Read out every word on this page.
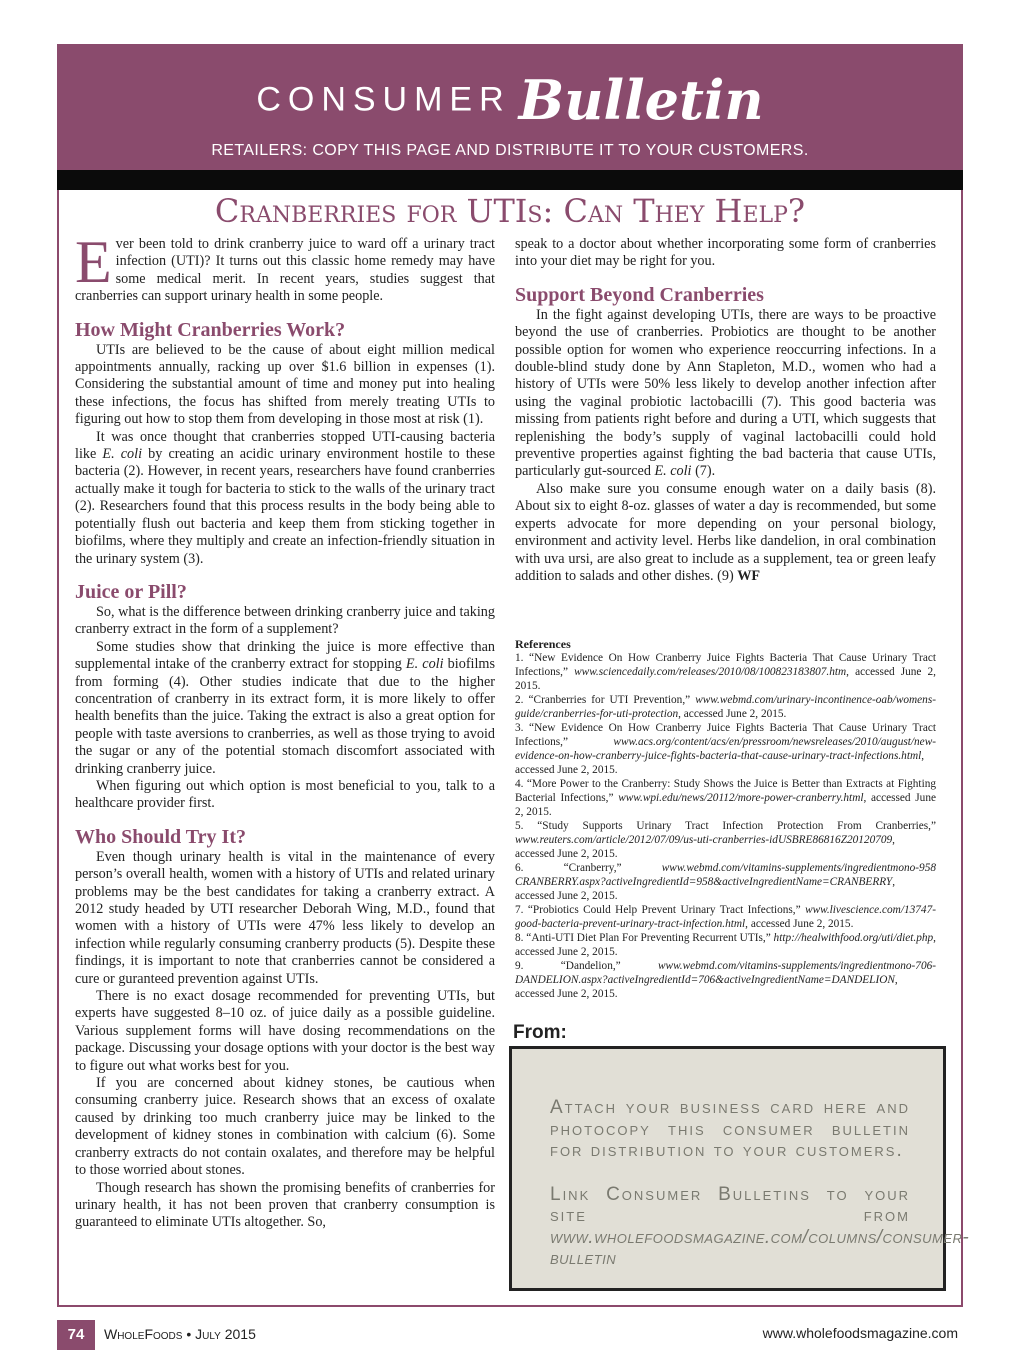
CONSUMER Bulletin
RETAILERS: COPY THIS PAGE AND DISTRIBUTE IT TO YOUR CUSTOMERS.
Cranberries for UTIs: Can They Help?

Ever been told to drink cranberry juice to ward off a urinary tract infection (UTI)? It turns out this classic home remedy may have some medical merit. In recent years, studies suggest that cranberries can support urinary health in some people.

How Might Cranberries Work?

UTIs are believed to be the cause of about eight million medical appointments annually, racking up over $1.6 billion in expenses (1). Considering the substantial amount of time and money put into healing these infections, the focus has shifted from merely treating UTIs to figuring out how to stop them from developing in those most at risk (1).

It was once thought that cranberries stopped UTI-causing bacteria like E. coli by creating an acidic urinary environment hostile to these bacteria (2). However, in recent years, researchers have found cranberries actually make it tough for bacteria to stick to the walls of the urinary tract (2). Researchers found that this process results in the body being able to potentially flush out bacteria and keep them from sticking together in biofilms, where they multiply and create an infection-friendly situation in the urinary system (3).

Juice or Pill?

So, what is the difference between drinking cranberry juice and taking cranberry extract in the form of a supplement?

Some studies show that drinking the juice is more effective than supplemental intake of the cranberry extract for stopping E. coli biofilms from forming (4). Other studies indicate that due to the higher concentration of cranberry in its extract form, it is more likely to offer health benefits than the juice. Taking the extract is also a great option for people with taste aversions to cranberries, as well as those trying to avoid the sugar or any of the potential stomach discomfort associated with drinking cranberry juice.

When figuring out which option is most beneficial to you, talk to a healthcare provider first.

Who Should Try It?

Even though urinary health is vital in the maintenance of every person’s overall health, women with a history of UTIs and related urinary problems may be the best candidates for taking a cranberry extract. A 2012 study headed by UTI researcher Deborah Wing, M.D., found that women with a history of UTIs were 47% less likely to develop an infection while regularly consuming cranberry products (5). Despite these findings, it is important to note that cranberries cannot be considered a cure or guranteed prevention against UTIs.

There is no exact dosage recommended for preventing UTIs, but experts have suggested 8–10 oz. of juice daily as a possible guideline. Various supplement forms will have dosing recommendations on the package. Discussing your dosage options with your doctor is the best way to figure out what works best for you.

If you are concerned about kidney stones, be cautious when consuming cranberry juice. Research shows that an excess of oxalate caused by drinking too much cranberry juice may be linked to the development of kidney stones in combination with calcium (6). Some cranberry extracts do not contain oxalates, and therefore may be helpful to those worried about stones.

Though research has shown the promising benefits of cranberries for urinary health, it has not been proven that cranberry consumption is guaranteed to eliminate UTIs altogether. So,

speak to a doctor about whether incorporating some form of cranberries into your diet may be right for you.

Support Beyond Cranberries

In the fight against developing UTIs, there are ways to be proactive beyond the use of cranberries. Probiotics are thought to be another possible option for women who experience reoccurring infections. In a double-blind study done by Ann Stapleton, M.D., women who had a history of UTIs were 50% less likely to develop another infection after using the vaginal probiotic lactobacilli (7). This good bacteria was missing from patients right before and during a UTI, which suggests that replenishing the body’s supply of vaginal lactobacilli could hold preventive properties against fighting the bad bacteria that cause UTIs, particularly gut-sourced E. coli (7).

Also make sure you consume enough water on a daily basis (8). About six to eight 8-oz. glasses of water a day is recommended, but some experts advocate for more depending on your personal biology, environment and activity level. Herbs like dandelion, in oral combination with uva ursi, are also great to include as a supplement, tea or green leafy addition to salads and other dishes. (9) WF

References
1. “New Evidence On How Cranberry Juice Fights Bacteria That Cause Urinary Tract Infections,” www.sciencedaily.com/releases/2010/08/100823183807.htm, accessed June 2, 2015.
2. “Cranberries for UTI Prevention,” www.webmd.com/urinary-incontinence-oab/womens-guide/cranberries-for-uti-protection, accessed June 2, 2015.
3. “New Evidence On How Cranberry Juice Fights Bacteria That Cause Urinary Tract Infections,” www.acs.org/content/acs/en/pressroom/newsreleases/2010/august/new-evidence-on-how-cranberry-juice-fights-bacteria-that-cause-urinary-tract-infections.html, accessed June 2, 2015.
4. “More Power to the Cranberry: Study Shows the Juice is Better than Extracts at Fighting Bacterial Infections,” www.wpi.edu/news/20112/more-power-cranberry.html, accessed June 2, 2015.
5. “Study Supports Urinary Tract Infection Protection From Cranberries,” www.reuters.com/article/2012/07/09/us-uti-cranberries-idUSBRE86816Z20120709, accessed June 2, 2015.
6. “Cranberry,” www.webmd.com/vitamins-supplements/ingredientmono-958 CRANBERRY.aspx?activeIngredientId=958&activeIngredientName=CRANBERRY, accessed June 2, 2015.
7. “Probiotics Could Help Prevent Urinary Tract Infections,” www.livescience.com/13747-good-bacteria-prevent-urinary-tract-infection.html, accessed June 2, 2015.
8. “Anti-UTI Diet Plan For Preventing Recurrent UTIs,” http://healwithfood.org/uti/diet.php, accessed June 2, 2015.
9. “Dandelion,” www.webmd.com/vitamins-supplements/ingredientmono-706-DANDELION.aspx?activeIngredientId=706&activeIngredientName=DANDELION, accessed June 2, 2015.
From:

Attach your business card here and photocopy this consumer bulletin for distribution to your customers.

Link Consumer Bulletins to your site from www.wholefoodsmagazine.com/columns/consumer-bulletin

74	WholeFoods • July 2015	www.wholefoodsmagazine.com
